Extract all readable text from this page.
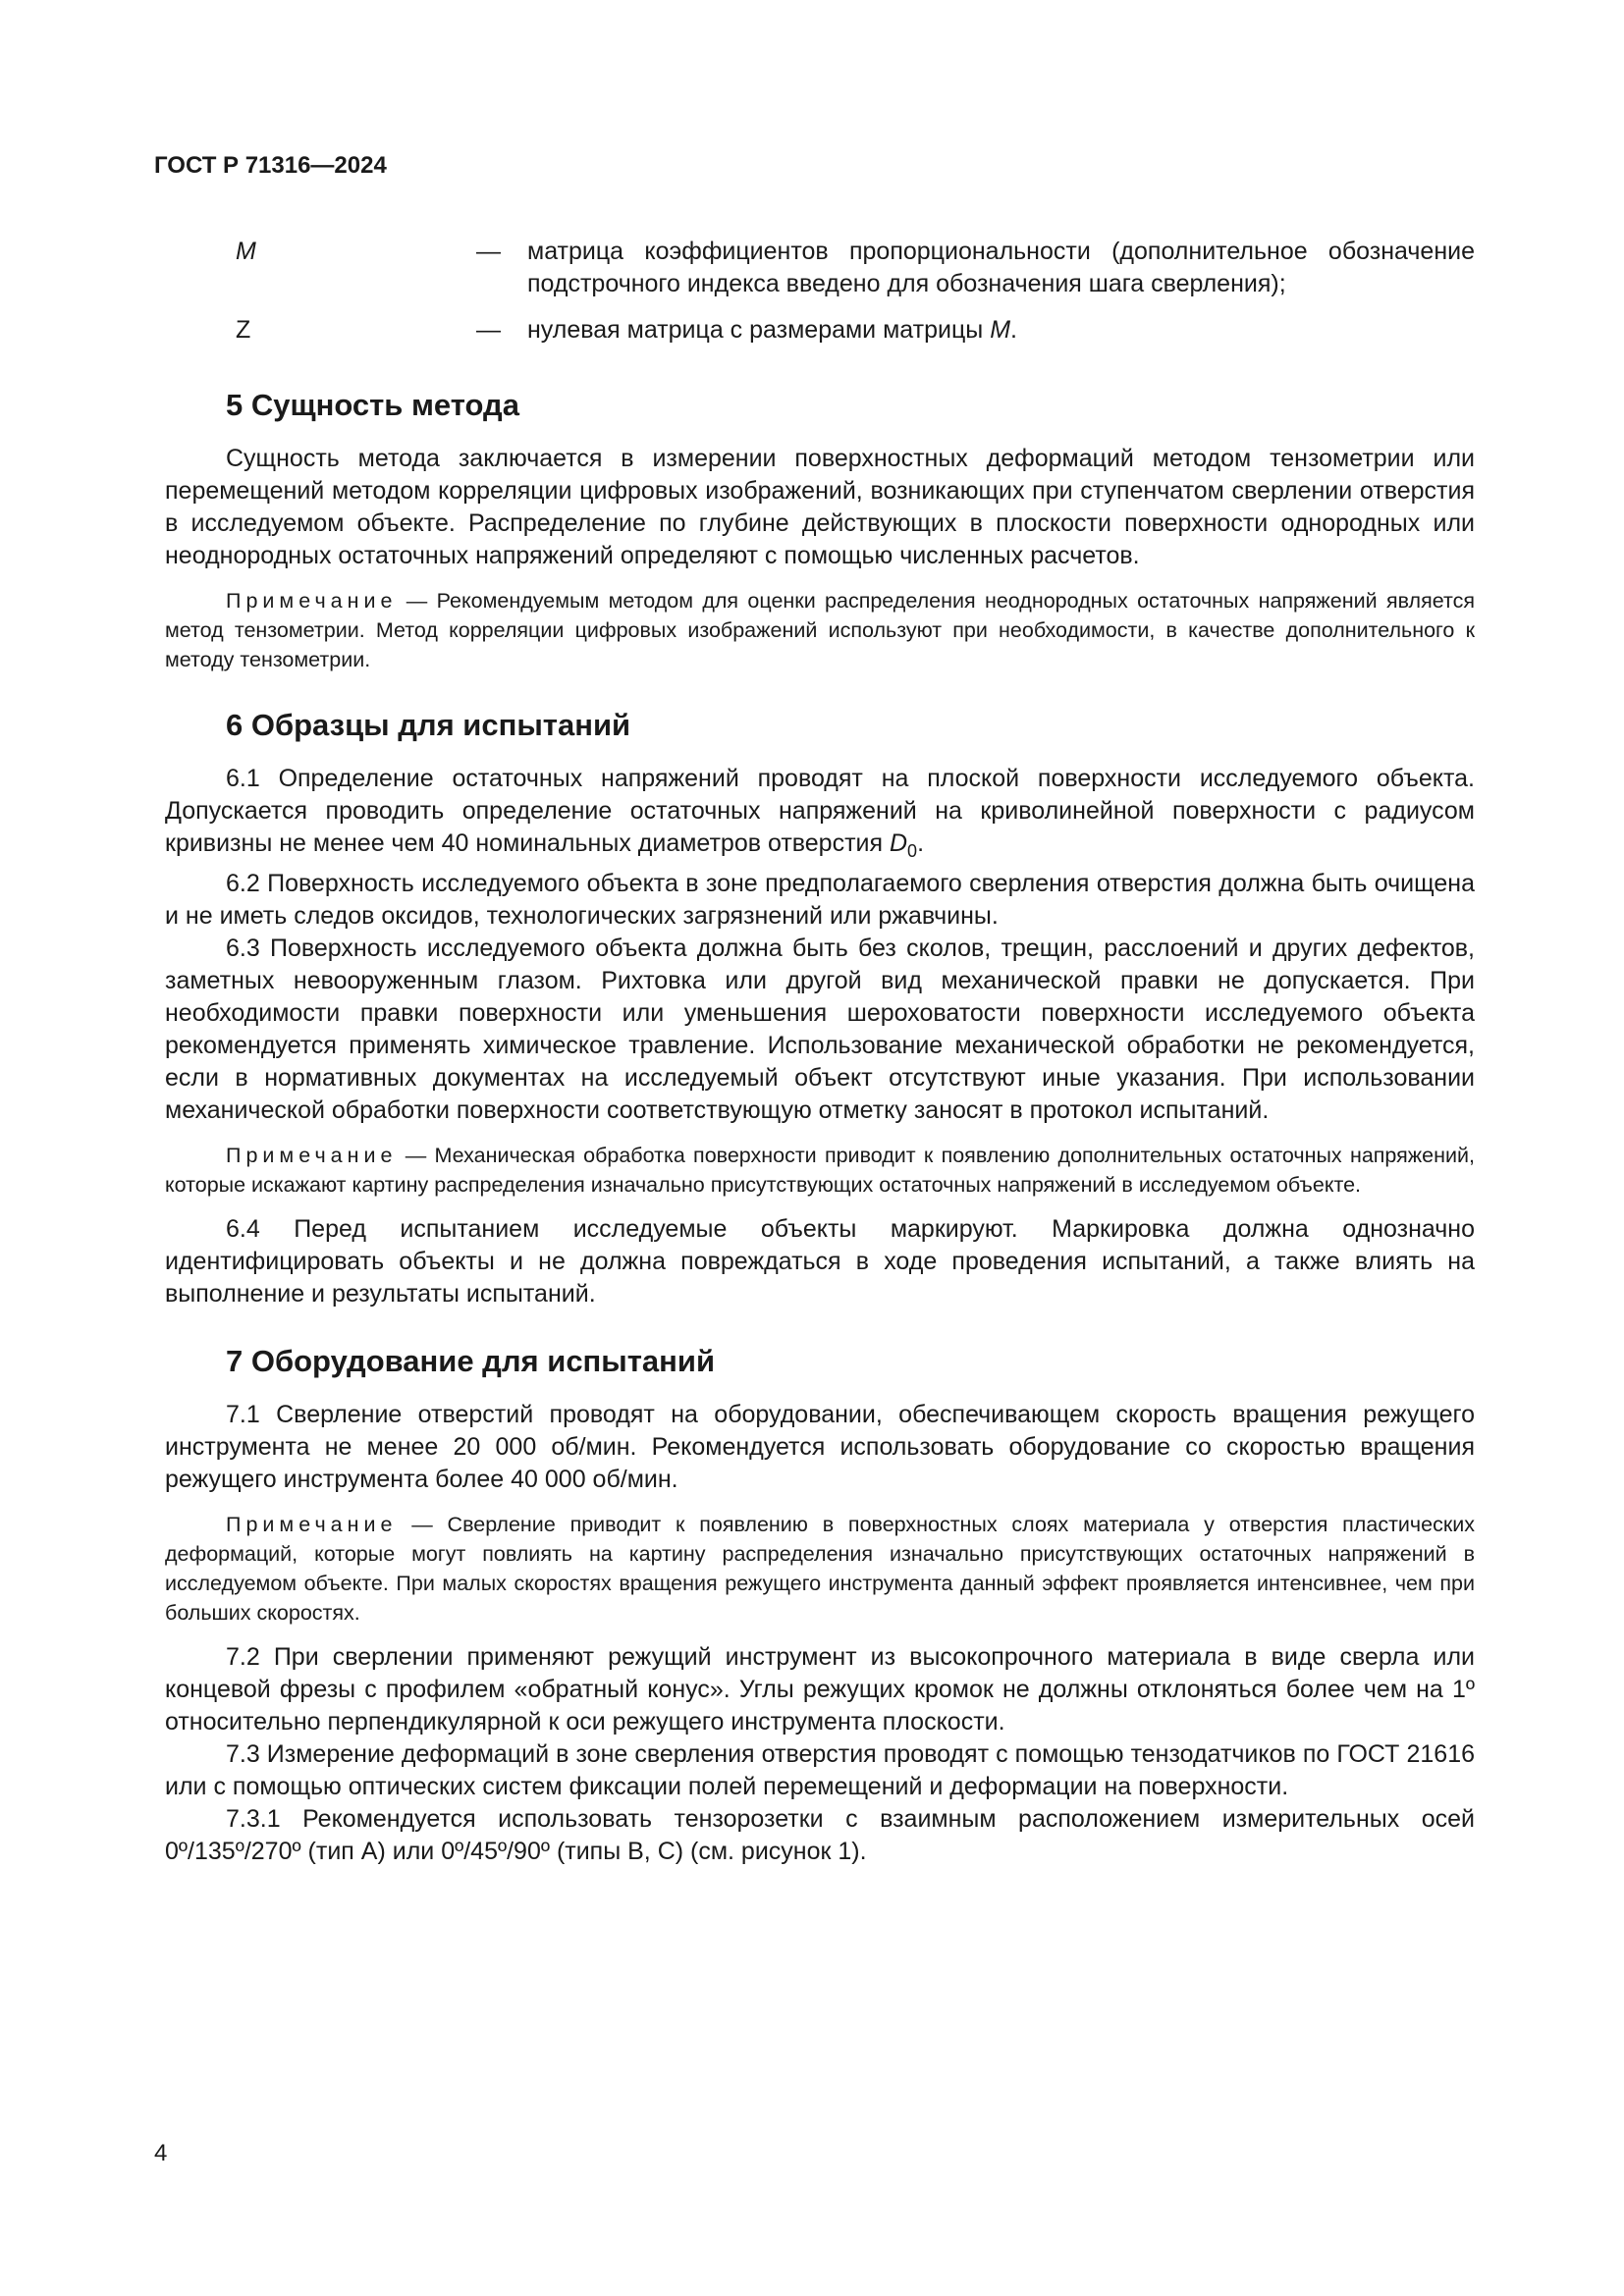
ГОСТ Р 71316—2024

M	—	матрица коэффициентов пропорциональности (дополнительное обозначение подстрочного индекса введено для обозначения шага сверления);
Z	—	нулевая матрица с размерами матрицы M.
5 Сущность метода

Сущность метода заключается в измерении поверхностных деформаций методом тензометрии или перемещений методом корреляции цифровых изображений, возникающих при ступенчатом сверлении отверстия в исследуемом объекте. Распределение по глубине действующих в плоскости поверхности однородных или неоднородных остаточных напряжений определяют с помощью численных расчетов.

Примечание — Рекомендуемым методом для оценки распределения неоднородных остаточных напряжений является метод тензометрии. Метод корреляции цифровых изображений используют при необходимости, в качестве дополнительного к методу тензометрии.

6 Образцы для испытаний

6.1 Определение остаточных напряжений проводят на плоской поверхности исследуемого объекта. Допускается проводить определение остаточных напряжений на криволинейной поверхности с радиусом кривизны не менее чем 40 номинальных диаметров отверстия $D_0$.

6.2 Поверхность исследуемого объекта в зоне предполагаемого сверления отверстия должна быть очищена и не иметь следов оксидов, технологических загрязнений или ржавчины.

6.3 Поверхность исследуемого объекта должна быть без сколов, трещин, расслоений и других дефектов, заметных невооруженным глазом. Рихтовка или другой вид механической правки не допускается. При необходимости правки поверхности или уменьшения шероховатости поверхности исследуемого объекта рекомендуется применять химическое травление. Использование механической обработки не рекомендуется, если в нормативных документах на исследуемый объект отсутствуют иные указания. При использовании механической обработки поверхности соответствующую отметку заносят в протокол испытаний.

Примечание — Механическая обработка поверхности приводит к появлению дополнительных остаточных напряжений, которые искажают картину распределения изначально присутствующих остаточных напряжений в исследуемом объекте.

6.4 Перед испытанием исследуемые объекты маркируют. Маркировка должна однозначно идентифицировать объекты и не должна повреждаться в ходе проведения испытаний, а также влиять на выполнение и результаты испытаний.

7 Оборудование для испытаний

7.1 Сверление отверстий проводят на оборудовании, обеспечивающем скорость вращения режущего инструмента не менее 20 000 об/мин. Рекомендуется использовать оборудование со скоростью вращения режущего инструмента более 40 000 об/мин.

Примечание — Сверление приводит к появлению в поверхностных слоях материала у отверстия пластических деформаций, которые могут повлиять на картину распределения изначально присутствующих остаточных напряжений в исследуемом объекте. При малых скоростях вращения режущего инструмента данный эффект проявляется интенсивнее, чем при больших скоростях.

7.2 При сверлении применяют режущий инструмент из высокопрочного материала в виде сверла или концевой фрезы с профилем «обратный конус». Углы режущих кромок не должны отклоняться более чем на 1º относительно перпендикулярной к оси режущего инструмента плоскости.

7.3 Измерение деформаций в зоне сверления отверстия проводят с помощью тензодатчиков по ГОСТ 21616 или с помощью оптических систем фиксации полей перемещений и деформации на поверхности.

7.3.1 Рекомендуется использовать тензорозетки с взаимным расположением измерительных осей 0º/135º/270º (тип А) или 0º/45º/90º (типы В, С) (см. рисунок 1).

4
